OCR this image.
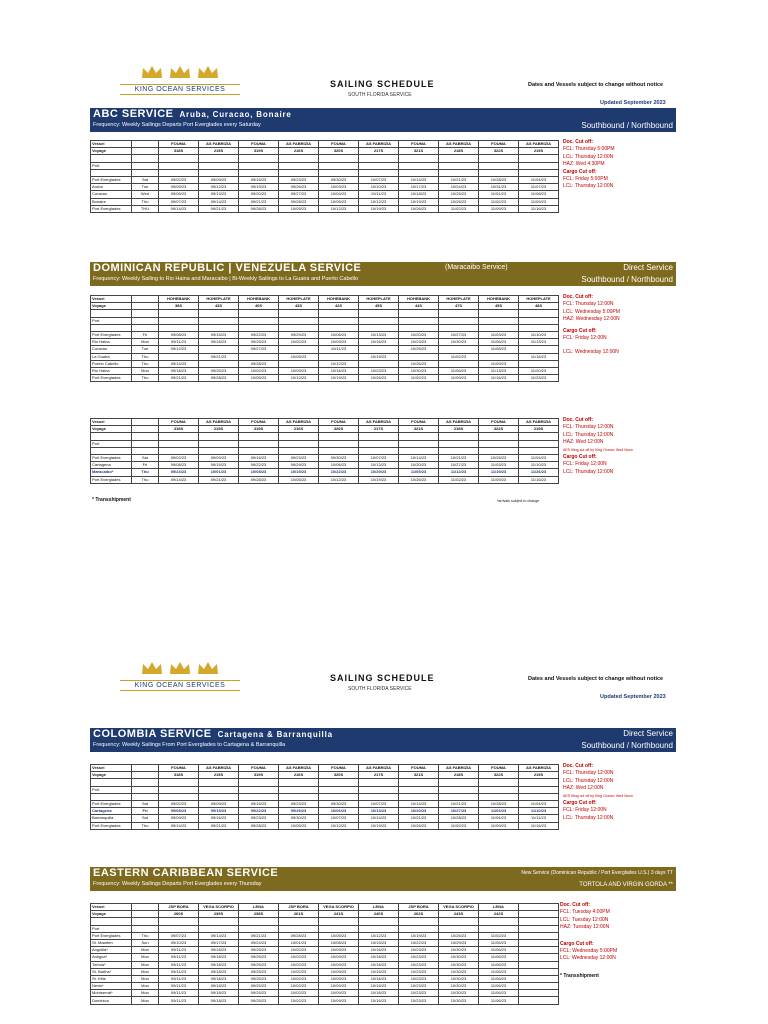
KING OCEAN SERVICES
SAILING SCHEDULE
SOUTH FLORIDA SERVICE
Dates and Vessels subject to change without notice
Updated September 2023
ABC SERVICE Aruba, Curacao, Bonaire
Frequency: Weekly Sailings Departs Port Everglades every Saturday	Southbound / Northbound
Vessel		FOUMA	AS FABRIZIA	FOUMA	AS FABRIZIA	FOUMA	AS FABRIZIA	FOUMA	AS FABRIZIA	FOUMA	AS FABRIZIA
Voyage		318S	215S	319S	216S	320S	217S	321S	218S	322S	219S

Port											

Port Everglades	Sat	09/02/23	09/09/23	09/16/23	09/23/23	09/30/23	10/07/23	10/14/23	10/21/23	10/28/23	11/04/23
Aruba	Tue	09/05/23	09/12/23	09/19/23	09/26/23	10/03/23	10/10/23	10/17/23	10/24/23	10/31/23	11/07/23
Curacao	Wed	09/06/23	09/13/23	09/20/23	09/27/23	10/04/23	10/11/23	10/18/23	10/25/23	11/01/23	11/08/23
Bonaire	Thu	09/07/23	09/14/23	09/21/23	09/28/23	10/05/23	10/12/23	10/19/23	10/26/23	11/02/23	11/09/23
Port Everglades	THU	09/14/23	09/21/23	09/28/23	10/05/23	10/12/23	10/19/23	10/26/23	11/02/23	11/09/23	11/16/23
Doc. Cut off:
FCL: Thursday 5:00PM
LCL: Thursday 12:00N
HAZ: Wed 4:30PM
Cargo Cut off:
FCL: Friday 5:00PM
LCL: Thursday 12:00N
DOMINICAN REPUBLIC | VENEZUELA SERVICE	(Maracaibo Service)	Direct Service
Frequency: Weekly Sailing to Rio Haina and Maracaibo | Bi-Weekly Sailings to La Guaira and Puerto Cabello	Southbound / Northbound
Vessel		HOHEBANK	HOHEPLATE	HOHEBANK	HOHEPLATE	HOHEBANK	HOHEPLATE	HOHEBANK	HOHEPLATE	HOHEBANK	HOHEPLATE
Voyage		38S	43S	40S	43S	42S	45S	44S	47S	45S	48S

Port											

Port Everglades	Fri	09/08/23	09/15/23	09/22/23	09/29/23	10/06/23	10/13/23	10/20/23	10/27/23	11/03/23	11/10/23
Rio Haina	Mon	09/11/23	09/18/23	09/25/23	10/02/23	10/09/23	10/16/23	10/23/23	10/30/23	11/06/23	11/13/23
Curacao	Tue	09/12/23		09/27/23		10/11/23		10/25/23		11/08/23	
La Guaira	Thu		09/21/23		10/05/23		10/19/23		11/02/23		11/16/23
Puerto Cabello	Thu	09/14/23		09/28/23		10/12/23		10/26/23		11/09/23	
Rio Haina	Mon	09/18/23	09/25/23	10/02/23	10/09/23	10/16/23	10/23/23	10/30/23	11/06/23	11/13/23	11/20/23
Port Everglades	Thu	09/21/23	09/28/23	10/05/23	10/12/23	10/19/23	10/26/23	11/02/23	11/09/23	11/16/23	11/23/23
Doc. Cut off:
FCL: Thursday 12:00N
LCL: Wednesday 5:00PM
HAZ: Wednesday 12:00N
Cargo Cut off:
FCL: Friday 12:00N
LCL: Wednesday 12:00N
Vessel		FOUMA	AS FABRIZIA	FOUMA	AS FABRIZIA	FOUMA	AS FABRIZIA	FOUMA	AS FABRIZIA	FOUMA	AS FABRIZIA
Voyage		318S	215S	319S	216S	320S	217S	321S	218S	322S	219S

Port											

Port Everglades	Sat	09/02/23	09/09/23	09/16/23	09/23/23	09/30/23	10/07/23	10/14/23	10/21/23	10/28/23	11/04/23
Cartagena	Fri	09/08/23	09/15/23	09/22/23	09/29/23	10/06/23	10/13/23	10/20/23	10/27/23	11/03/23	11/10/23
Maracaibo*	Thu	09/24/23	10/01/23	10/08/23	10/15/23	10/22/23	10/29/23	11/05/23	11/12/23	11/19/23	11/26/23
Port Everglades	Thu	09/14/23	09/21/23	09/28/23	10/05/23	10/12/23	10/19/23	10/26/23	11/02/23	11/09/23	11/16/23
Doc. Cut off:
FCL: Thursday 12:00N
LCL: Thursday 12:00N
HAZ: Wed 12:00N
AES filing cut off by King Ocean: Wed Noon
Cargo Cut off:
FCL: Friday 12:00N
LCL: Thursday 12:00N
* Transshipment	*arrivals subject to change
KING OCEAN SERVICES
SAILING SCHEDULE
SOUTH FLORIDA SERVICE
Dates and Vessels subject to change without notice
Updated September 2023
COLOMBIA SERVICE Cartagena & Barranquilla	Direct Service
Frequency: Weekly Sailings From Port Everglades to Cartagena & Barranquilla	Southbound / Northbound
Vessel		FOUMA	AS FABRIZIA	FOUMA	AS FABRIZIA	FOUMA	AS FABRIZIA	FOUMA	AS FABRIZIA	FOUMA	AS FABRIZIA
Voyage		318S	215S	319S	216S	320S	217S	321S	218S	322S	219S

Port											

Port Everglades	Sat	09/02/23	09/09/23	09/16/23	09/23/23	09/30/23	10/07/23	10/14/23	10/21/23	10/28/23	11/04/23
Cartagena	Fri	09/08/23	09/15/23	09/22/23	09/29/23	10/06/23	10/13/23	10/20/23	10/27/23	11/03/23	11/10/23
Barranquilla	Sat	09/09/23	09/16/23	09/23/23	09/30/23	10/07/23	10/14/23	10/21/23	10/28/23	11/04/23	11/11/23
Port Everglades	Thu	09/14/23	09/21/23	09/28/23	10/05/23	10/12/23	10/19/23	10/26/23	11/02/23	11/09/23	11/16/23
Doc. Cut off:
FCL: Thursday 12:00N
LCL: Thursday 12:00N
HAZ: Wed 12:00N
AES filing cut off by King Ocean: Wed Noon
Cargo Cut off:
FCL: Friday 12:00N
LCL: Thursday 12:00N
EASTERN CARIBBEAN SERVICE	New Service (Dominican Republic / Port Everglades U.S.) 3 days TT
Frequency: Weekly Sailings Departs Port Everglades every Thursday	TORTOLA AND VIRGIN GORDA **
Vessel		JSP BORA	VEGA SCORPIO	LENA	JSP BORA	VEGA SCORPIO	LENA	JSP BORA	VEGA SCORPIO	LENA	
Voyage		260S	239S	238S	261S	241S	240S	262S	243S	242S	

Port											
Port Everglades	Thu	09/07/23	09/14/23	09/21/23	09/28/23	10/05/23	10/12/23	10/19/23	10/26/23	11/02/23	
St. Maarten	Sun	09/10/23	09/17/23	09/24/23	10/01/23	10/08/23	10/15/23	10/22/23	10/29/23	11/05/23	
Anguilla*	Mon	09/11/23	09/18/23	09/25/23	10/02/23	10/09/23	10/16/23	10/23/23	10/30/23	11/06/23	
Antigua*	Mon	09/11/23	09/18/23	09/25/23	10/02/23	10/09/23	10/16/23	10/23/23	10/30/23	11/06/23	
Tortola*	Mon	09/11/23	09/18/23	09/25/23	10/02/23	10/09/23	10/16/23	10/23/23	10/30/23	11/06/23	
St. Barths*	Mon	09/11/23	09/18/23	09/25/23	10/02/23	10/09/23	10/16/23	10/23/23	10/30/23	11/06/23	
St. Kitts	Mon	09/11/23	09/18/23	09/25/23	10/02/23	10/09/23	10/16/23	10/23/23	10/30/23	11/06/23	
Nevis*	Mon	09/11/23	09/18/23	09/25/23	10/02/23	10/09/23	10/16/23	10/23/23	10/30/23	11/06/23	
Montserrat*	Mon	09/11/23	09/18/23	09/25/23	10/02/23	10/09/23	10/16/23	10/23/23	10/30/23	11/06/23	
Dominica	Mon	09/11/23	09/18/23	09/25/23	10/02/23	10/09/23	10/16/23	10/23/23	10/30/23	11/06/23	
Doc. Cut off:
FCL: Tuesday 4:00PM
LCL: Tuesday 12:00N
HAZ: Tuesday 12:00N
Cargo Cut off:
FCL: Wednesday 5:00PM
LCL: Wednesday 12:00N
* Transshipment
